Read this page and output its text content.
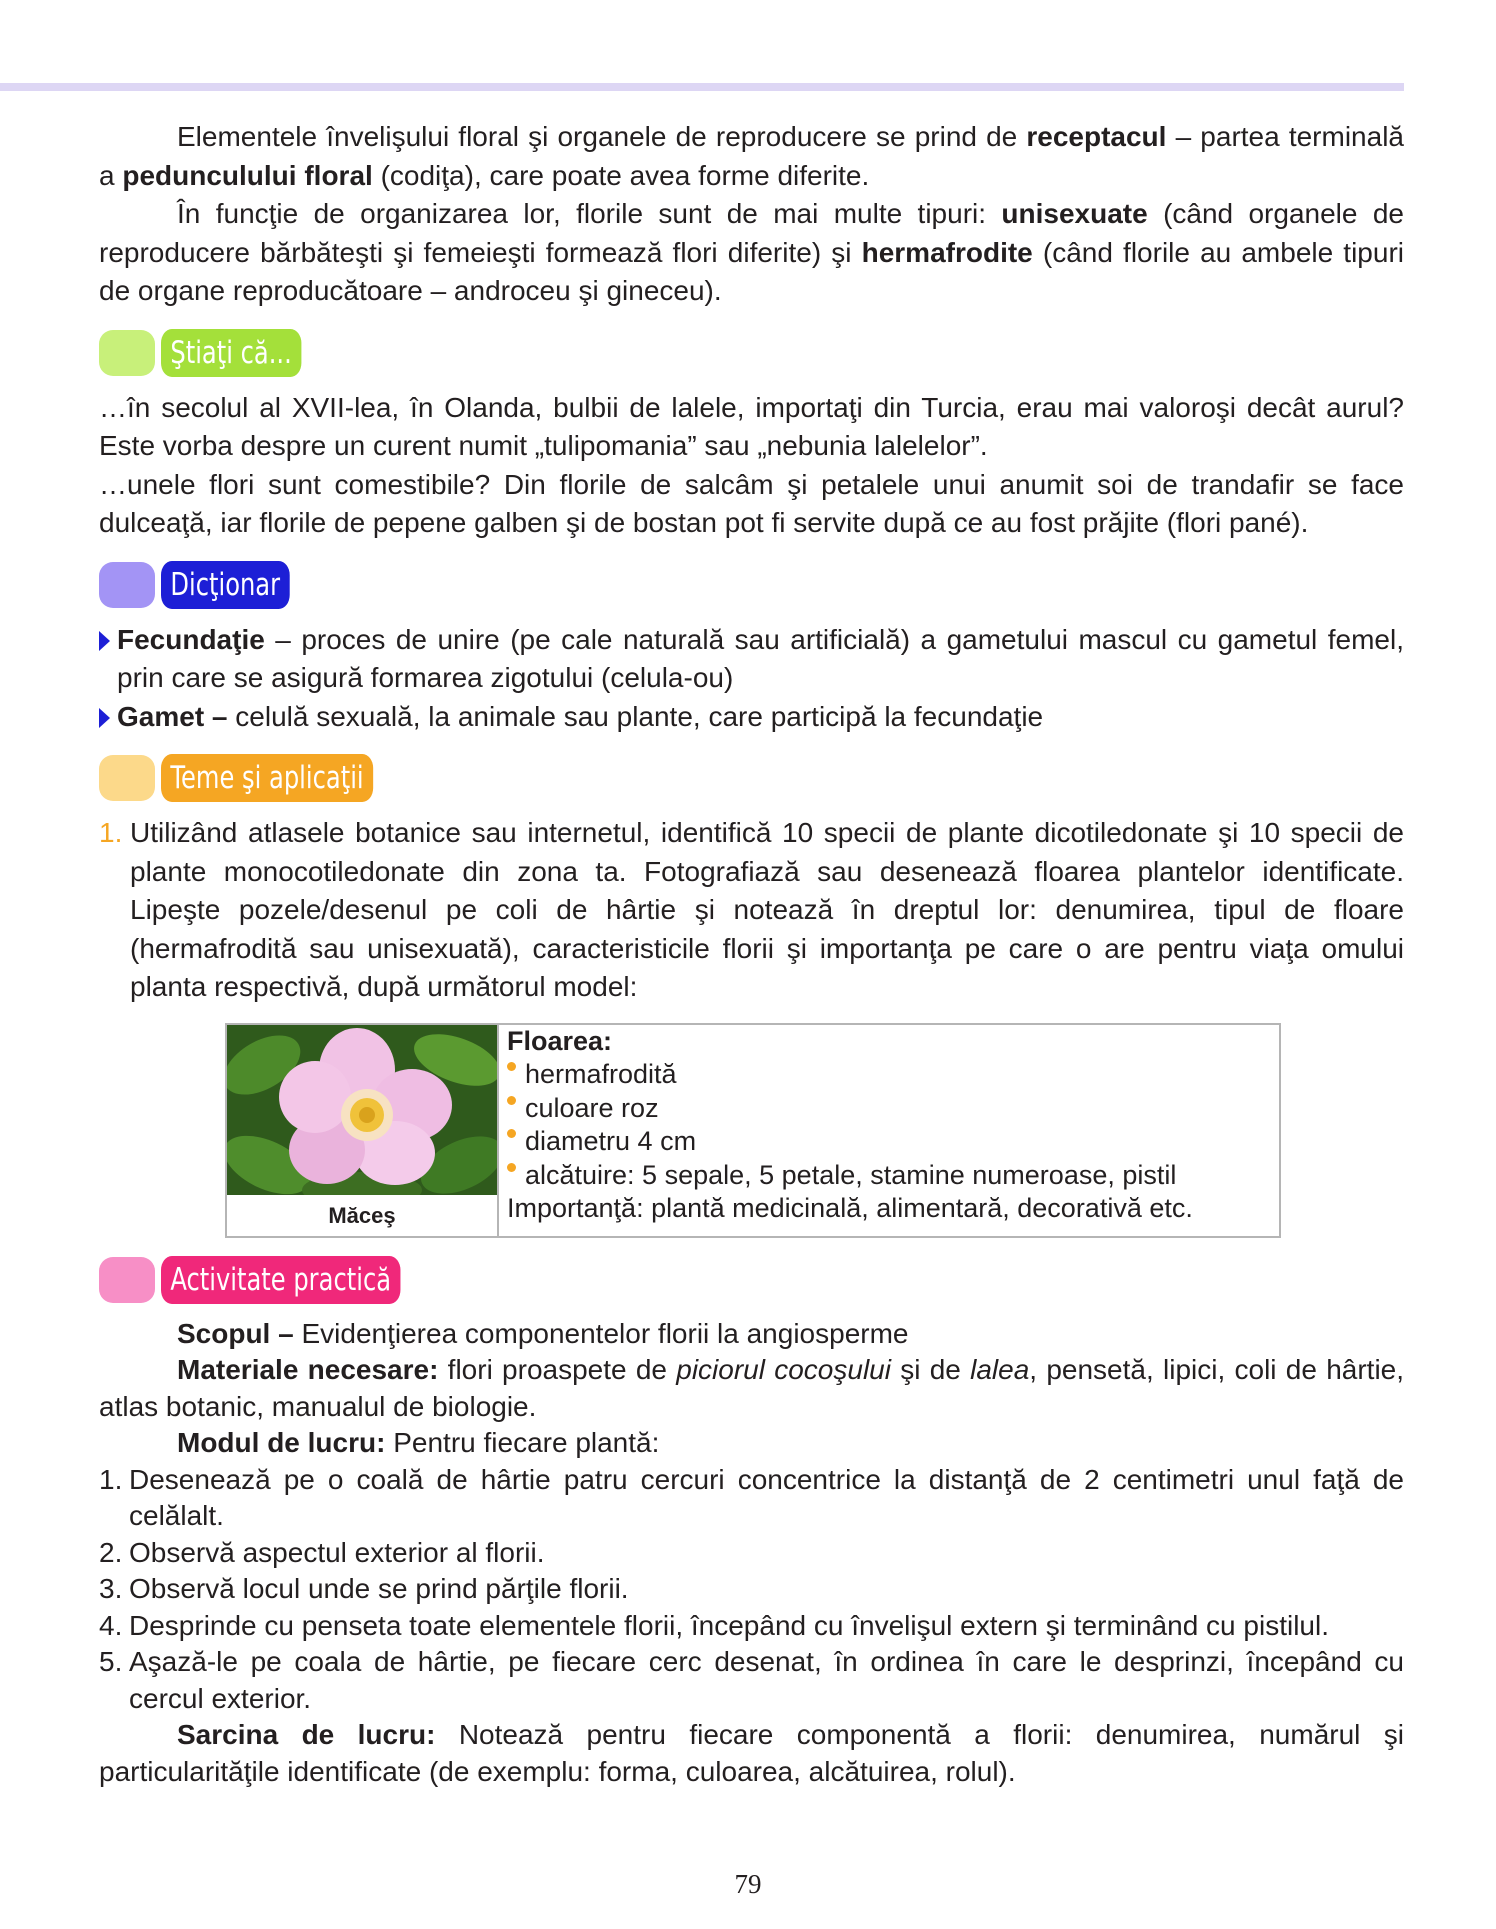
Elementele învelişului floral şi organele de reproducere se prind de receptacul – partea terminală a pedunculului floral (codiţa), care poate avea forme diferite.

În funcţie de organizarea lor, florile sunt de mai multe tipuri: unisexuate (când organele de reproducere bărbăteşti şi femeieşti formează flori diferite) şi hermafrodite (când florile au ambele tipuri de organe reproducătoare – androceu şi gineceu).

Ştiaţi că...

…în secolul al XVII-lea, în Olanda, bulbii de lalele, importaţi din Turcia, erau mai valoroşi decât aurul? Este vorba despre un curent numit „tulipomania” sau „nebunia lalelelor”.

…unele flori sunt comestibile? Din florile de salcâm şi petalele unui anumit soi de trandafir se face dulceaţă, iar florile de pepene galben şi de bostan pot fi servite după ce au fost prăjite (flori pané).

Dicţionar

Fecundaţie – proces de unire (pe cale naturală sau artificială) a gametului mascul cu gametul femel, prin care se asigură formarea zigotului (celula-ou)

Gamet – celulă sexuală, la animale sau plante, care participă la fecundaţie

Teme şi aplicaţii

1. Utilizând atlasele botanice sau internetul, identifică 10 specii de plante dicotiledonate şi 10 specii de plante monocotiledonate din zona ta. Fotografiază sau desenează floarea plantelor identificate. Lipeşte pozele/desenul pe coli de hârtie şi notează în dreptul lor: denumirea, tipul de floare (hermafrodită sau unisexuată), caracteristicile florii şi importanţa pe care o are pentru viaţa omului planta respectivă, după următorul model:

Măceş
Floarea:
hermafrodită
culoare roz
diametru 4 cm
alcătuire: 5 sepale, 5 petale, stamine numeroase, pistil
Importanţă: plantă medicinală, alimentară, decorativă etc.
Activitate practică

Scopul – Evidenţierea componentelor florii la angiosperme

Materiale necesare: flori proaspete de piciorul cocoşului şi de lalea, pensetă, lipici, coli de hârtie, atlas botanic, manualul de biologie.

Modul de lucru: Pentru fiecare plantă:

1. Desenează pe o coală de hârtie patru cercuri concentrice la distanţă de 2 centimetri unul faţă de celălalt.

2. Observă aspectul exterior al florii.

3. Observă locul unde se prind părţile florii.

4. Desprinde cu penseta toate elementele florii, începând cu învelişul extern şi terminând cu pistilul.

5. Aşază-le pe coala de hârtie, pe fiecare cerc desenat, în ordinea în care le desprinzi, începând cu cercul exterior.

Sarcina de lucru: Notează pentru fiecare componentă a florii: denumirea, numărul şi particularităţile identificate (de exemplu: forma, culoarea, alcătuirea, rolul).

79
